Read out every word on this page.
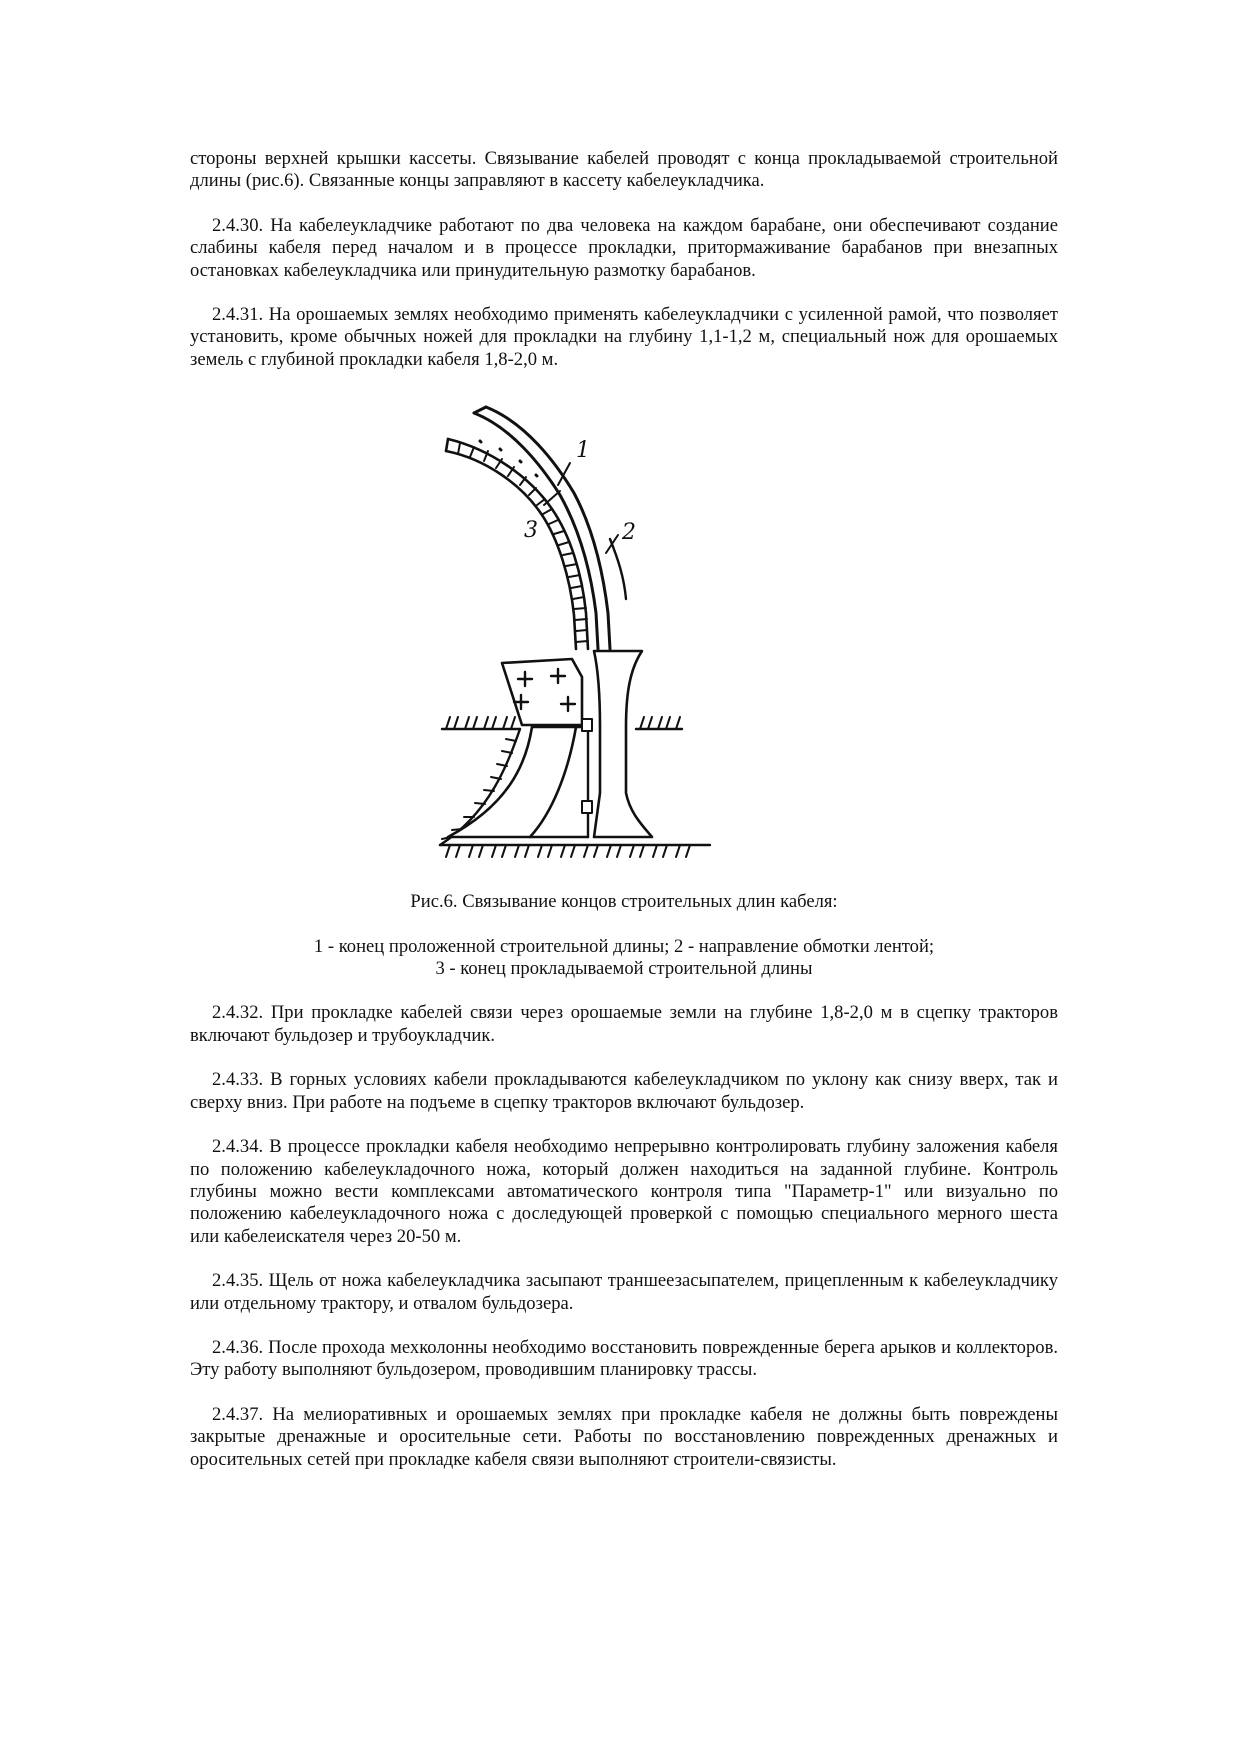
стороны верхней крышки кассеты. Связывание кабелей проводят с конца прокладываемой строительной длины (рис.6). Связанные концы заправляют в кассету кабелеукладчика.

2.4.30. На кабелеукладчике работают по два человека на каждом барабане, они обеспечивают создание слабины кабеля перед началом и в процессе прокладки, притормаживание барабанов при внезапных остановках кабелеукладчика или принудительную размотку барабанов.

2.4.31. На орошаемых землях необходимо применять кабелеукладчики с усиленной рамой, что позволяет установить, кроме обычных ножей для прокладки на глубину 1,1-1,2 м, специальный нож для орошаемых земель с глубиной прокладки кабеля 1,8-2,0 м.

1
2
3

Рис.6. Связывание концов строительных длин кабеля:

1 - конец проложенной строительной длины; 2 - направление обмотки лентой;

3 - конец прокладываемой строительной длины

2.4.32. При прокладке кабелей связи через орошаемые земли на глубине 1,8-2,0 м в сцепку тракторов включают бульдозер и трубоукладчик.

2.4.33. В горных условиях кабели прокладываются кабелеукладчиком по уклону как снизу вверх, так и сверху вниз. При работе на подъеме в сцепку тракторов включают бульдозер.

2.4.34. В процессе прокладки кабеля необходимо непрерывно контролировать глубину заложения кабеля по положению кабелеукладочного ножа, который должен находиться на заданной глубине. Контроль глубины можно вести комплексами автоматического контроля типа "Параметр-1" или визуально по положению кабелеукладочного ножа с доследующей проверкой с помощью специального мерного шеста или кабелеискателя через 20-50 м.

2.4.35. Щель от ножа кабелеукладчика засыпают траншеезасыпателем, прицепленным к кабелеукладчику или отдельному трактору, и отвалом бульдозера.

2.4.36. После прохода мехколонны необходимо восстановить поврежденные берега арыков и коллекторов. Эту работу выполняют бульдозером, проводившим планировку трассы.

2.4.37. На мелиоративных и орошаемых землях при прокладке кабеля не должны быть повреждены закрытые дренажные и оросительные сети. Работы по восстановлению поврежденных дренажных и оросительных сетей при прокладке кабеля связи выполняют строители-связисты.
